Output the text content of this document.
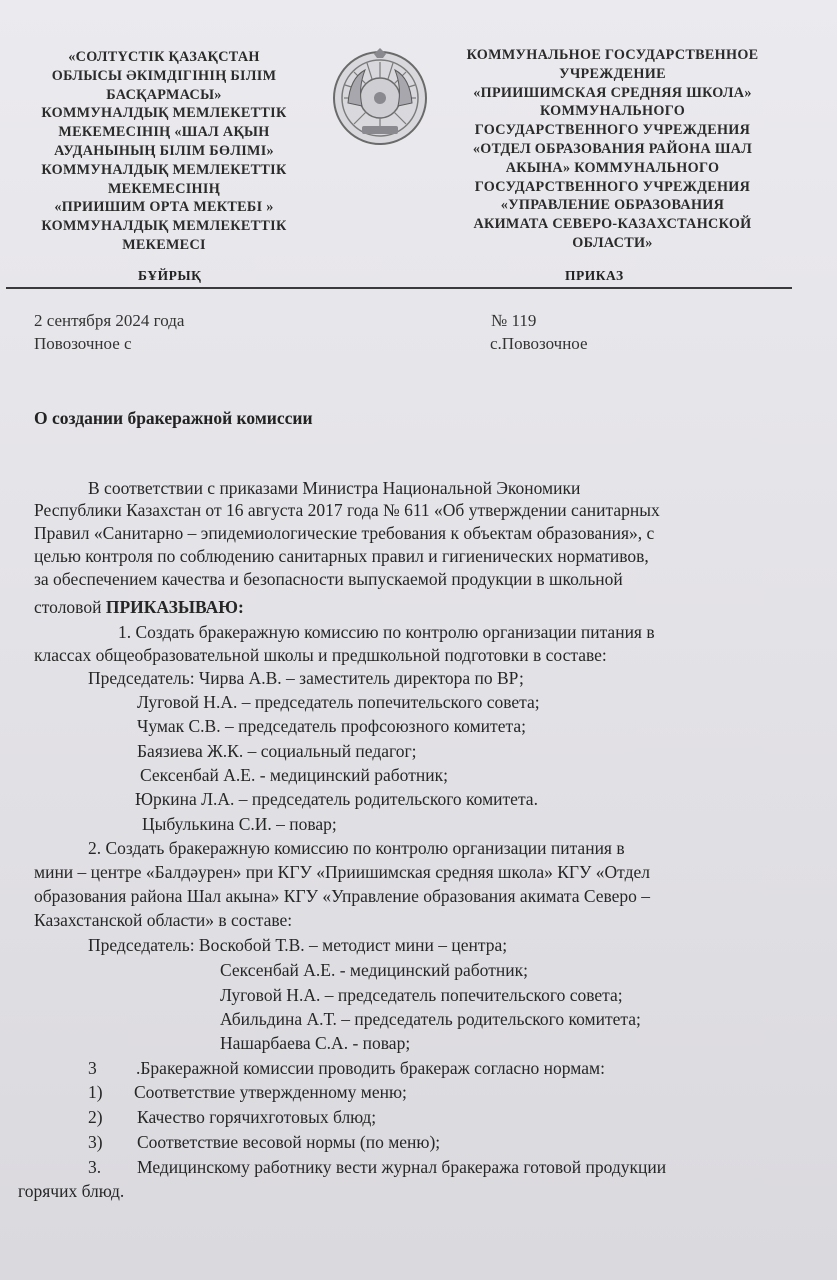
«СОЛТҮСТІК ҚАЗАҚСТАН
ОБЛЫСЫ ӘКІМДІГІНІҢ БІЛІМ
БАСҚАРМАСЫ»
КОММУНАЛДЫҚ МЕМЛЕКЕТТІК
МЕКЕМЕСІНІҢ «ШАЛ АҚЫН
АУДАНЫНЫҢ БІЛІМ БӨЛІМІ»
КОММУНАЛДЫҚ МЕМЛЕКЕТТІК
МЕКЕМЕСІНІҢ
«ПРИИШИМ ОРТА МЕКТЕБІ »
КОММУНАЛДЫҚ МЕМЛЕКЕТТІК
МЕКЕМЕСІ
КОММУНАЛЬНОЕ ГОСУДАРСТВЕННОЕ
УЧРЕЖДЕНИЕ
«ПРИИШИМСКАЯ СРЕДНЯЯ ШКОЛА»
КОММУНАЛЬНОГО
ГОСУДАРСТВЕННОГО УЧРЕЖДЕНИЯ
«ОТДЕЛ ОБРАЗОВАНИЯ РАЙОНА ШАЛ
АКЫНА» КОММУНАЛЬНОГО
ГОСУДАРСТВЕННОГО УЧРЕЖДЕНИЯ
«УПРАВЛЕНИЕ ОБРАЗОВАНИЯ
АКИМАТА СЕВЕРО-КАЗАХСТАНСКОЙ
ОБЛАСТИ»
БҰЙРЫҚ	ПРИКАЗ
2 сентября 2024 года
Повозочное с
№ 119
с.Повозочное
О создании бракеражной комиссии
В соответствии с приказами Министра Национальной Экономики
Республики Казахстан от 16 августа 2017 года № 611 «Об утверждении санитарных
Правил «Санитарно – эпидемиологические требования к объектам образования», с
целью контроля по соблюдению санитарных правил и гигиенических нормативов,
за обеспечением качества и безопасности выпускаемой продукции в школьной
столовой ПРИКАЗЫВАЮ:
1. Создать бракеражную комиссию по контролю организации питания в
классах общеобразовательной школы и предшкольной подготовки в составе:
Председатель: Чирва А.В. – заместитель директора по ВР;
Луговой Н.А. – председатель попечительского совета;
Чумак С.В. – председатель профсоюзного комитета;
Баязиева Ж.К. – социальный педагог;
Сексенбай А.Е. - медицинский работник;
Юркина Л.А. – председатель родительского комитета.
Цыбулькина С.И. – повар;
2. Создать бракеражную комиссию по контролю организации питания в
мини – центре «Балдәурен» при КГУ «Приишимская средняя школа» КГУ «Отдел
образования района Шал акына» КГУ «Управление образования акимата Северо –
Казахстанской области» в составе:
Председатель: Воскобой Т.В. – методист мини – центра;
Сексенбай А.Е. - медицинский работник;
Луговой Н.А. – председатель попечительского совета;
Абильдина А.Т. – председатель родительского комитета;
Нашарбаева С.А. - повар;
3 .Бракеражной комиссии проводить бракераж согласно нормам:
1) Соответствие утвержденному меню;
2) Качество горячихготовых блюд;
3) Соответствие весовой нормы (по меню);
3. Медицинскому работнику вести журнал бракеража готовой продукции
горячих блюд.
